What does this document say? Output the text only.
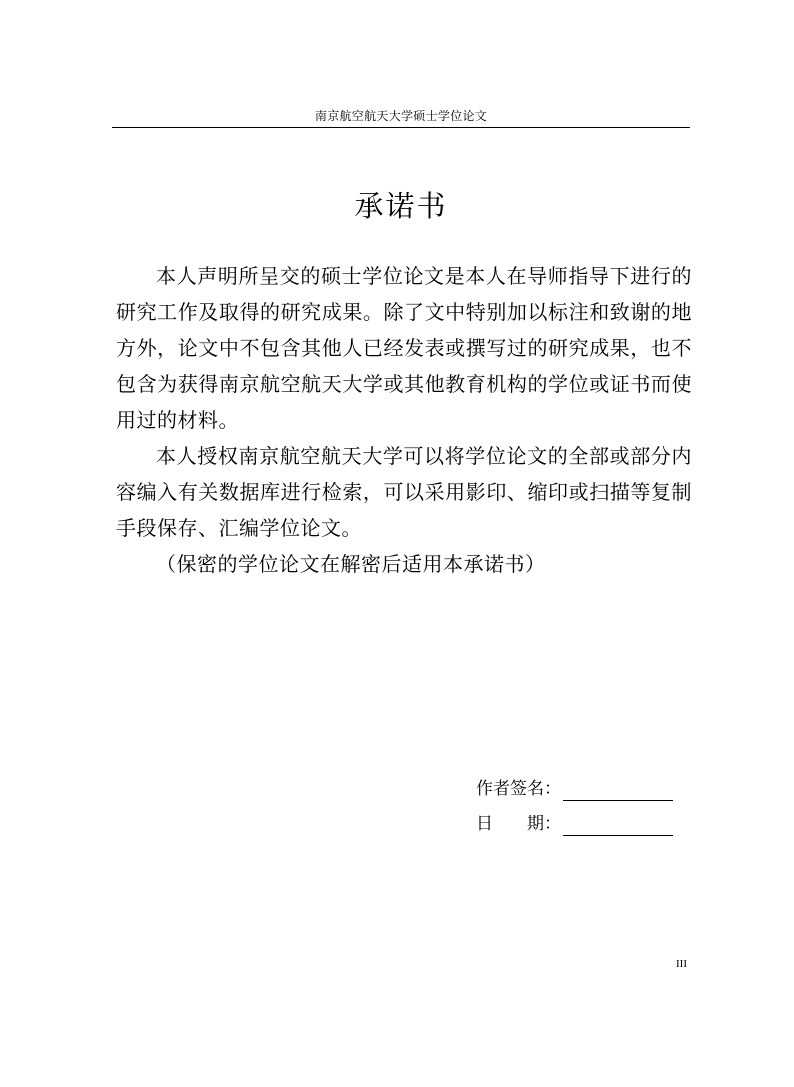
南京航空航天大学硕士学位论文
承诺书

本人声明所呈交的硕士学位论文是本人在导师指导下进行的研究工作及取得的研究成果。除了文中特别加以标注和致谢的地方外，论文中不包含其他人已经发表或撰写过的研究成果，也不包含为获得南京航空航天大学或其他教育机构的学位或证书而使用过的材料。

本人授权南京航空航天大学可以将学位论文的全部或部分内容编入有关数据库进行检索，可以采用影印、缩印或扫描等复制手段保存、汇编学位论文。

（保密的学位论文在解密后适用本承诺书）

作者签名：
日　　期：
III
